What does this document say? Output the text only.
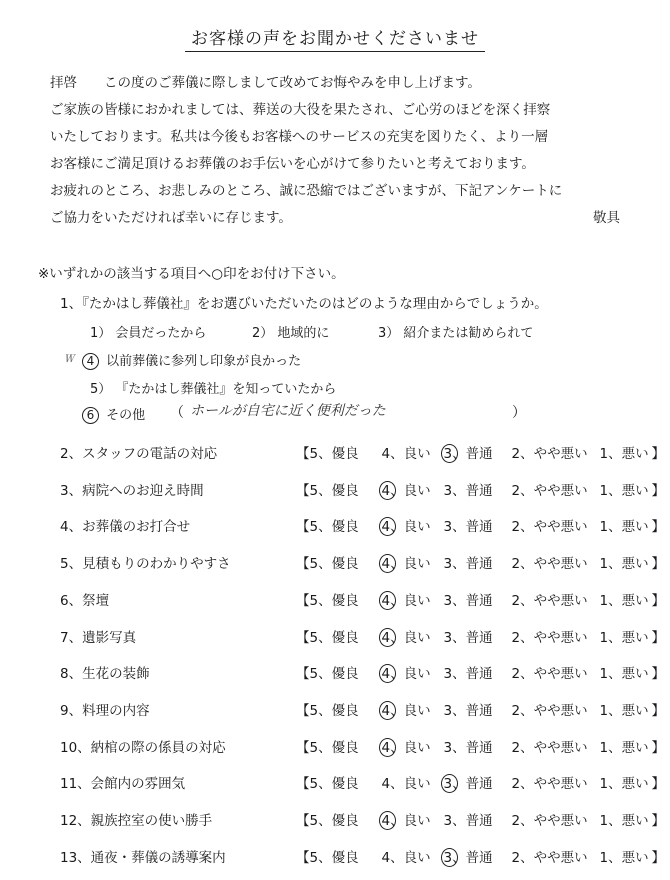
お客様の声をお聞かせくださいませ
拝啓　　この度のご葬儀に際しまして改めてお悔やみを申し上げます。
ご家族の皆様におかれましては、葬送の大役を果たされ、ご心労のほどを深く拝察
いたしております。私共は今後もお客様へのサービスの充実を図りたく、より一層
お客様にご満足頂けるお葬儀のお手伝いを心がけて参りたいと考えております。
お疲れのところ、お悲しみのところ、誠に恐縮ではございますが、下記アンケートに
ご協力をいただければ幸いに存じます。	敬具
※いずれかの該当する項目へ○印をお付け下さい。
1、『たかはし葬儀社』をお選びいただいたのはどのような理由からでしょうか。
1） 会員だったから	2） 地域的に	3） 紹介または勧められて
Ｗ	4 以前葬儀に参列し印象が良かった
5） 『たかはし葬儀社』を知っていたから
6 その他 （ ホールが自宅に近く便利だった	）
2、スタッフの電話の対応	【5、優良 4、良い 3、普通 2、やや悪い 1、悪い 】
3、病院へのお迎え時間	【5、優良 4、良い 3、普通 2、やや悪い 1、悪い 】
4、お葬儀のお打合せ	【5、優良 4、良い 3、普通 2、やや悪い 1、悪い 】
5、見積もりのわかりやすさ	【5、優良 4、良い 3、普通 2、やや悪い 1、悪い 】
6、祭壇	【5、優良 4、良い 3、普通 2、やや悪い 1、悪い 】
7、遺影写真	【5、優良 4、良い 3、普通 2、やや悪い 1、悪い 】
8、生花の装飾	【5、優良 4、良い 3、普通 2、やや悪い 1、悪い 】
9、料理の内容	【5、優良 4、良い 3、普通 2、やや悪い 1、悪い 】
10、納棺の際の係員の対応	【5、優良 4、良い 3、普通 2、やや悪い 1、悪い 】
11、会館内の雰囲気	【5、優良 4、良い 3、普通 2、やや悪い 1、悪い 】
12、親族控室の使い勝手	【5、優良 4、良い 3、普通 2、やや悪い 1、悪い 】
13、通夜・葬儀の誘導案内	【5、優良 4、良い 3、普通 2、やや悪い 1、悪い 】
